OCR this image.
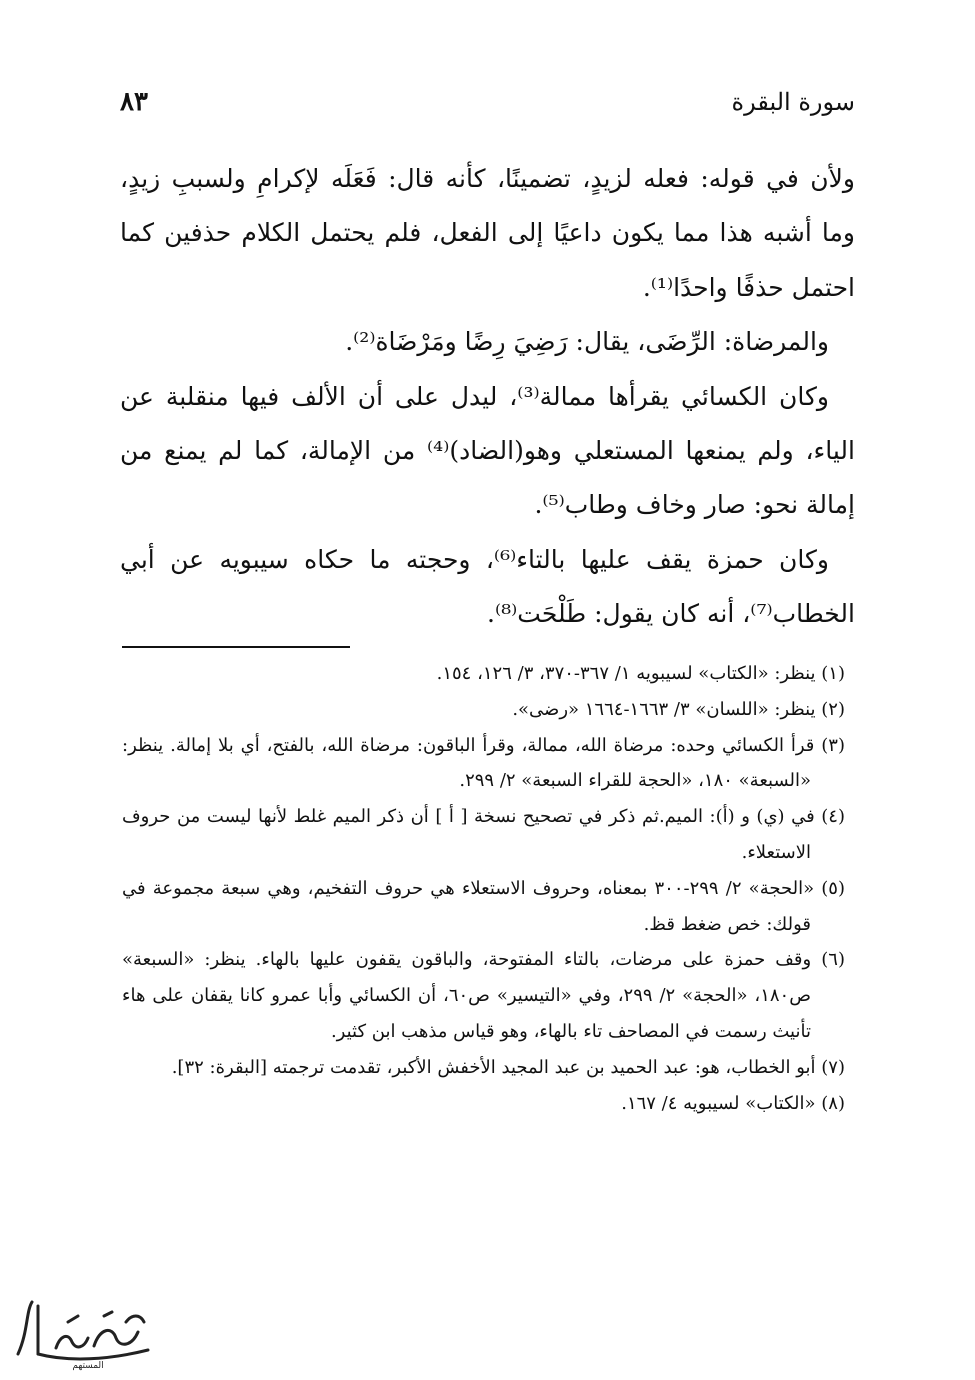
سورة البقرة
٨٣

ولأن في قوله: فعله لزيدٍ، تضمينًا، كأنه قال: فَعَلَه لإكرامِ ولسببِ زيدٍ، وما أشبه هذا مما يكون داعيًا إلى الفعل، فلم يحتمل الكلام حذفين كما احتمل حذفًا واحدًا⁽¹⁾.

والمرضاة: الرِّضَى، يقال: رَضِيَ رِضًا ومَرْضَاة⁽²⁾.

وكان الكسائي يقرأها ممالة⁽³⁾، ليدل على أن الألف فيها منقلبة عن الياء، ولم يمنعها المستعلي وهو(الضاد)⁽⁴⁾ من الإمالة، كما لم يمنع من إمالة نحو: صار وخاف وطاب⁽⁵⁾.

وكان حمزة يقف عليها بالتاء⁽⁶⁾، وحجته ما حكاه سيبويه عن أبي الخطاب⁽⁷⁾، أنه كان يقول: طَلْحَت⁽⁸⁾.

(١) ينظر: «الكتاب» لسيبويه ١/ ٣٦٧-٣٧٠، ٣/ ١٢٦، ١٥٤.
(٢) ينظر: «اللسان» ٣/ ١٦٦٣-١٦٦٤ «رضى».
(٣) قرأ الكسائي وحده: مرضاة الله، ممالة، وقرأ الباقون: مرضاة الله، بالفتح، أي بلا إمالة. ينظر: «السبعة» ١٨٠، «الحجة للقراء السبعة» ٢/ ٢٩٩.
(٤) في (ي) و (أ): الميم.ثم ذكر في تصحيح نسخة [ أ ] أن ذكر الميم غلط لأنها ليست من حروف الاستعلاء.
(٥) «الحجة» ٢/ ٢٩٩-٣٠٠ بمعناه، وحروف الاستعلاء هي حروف التفخيم، وهي سبعة مجموعة في قولك: خص ضغط قظ.
(٦) وقف حمزة على مرضات، بالتاء المفتوحة، والباقون يقفون عليها بالهاء. ينظر: «السبعة» ص١٨٠، «الحجة» ٢/ ٢٩٩، وفي «التيسير» ص٦٠، أن الكسائي وأبا عمرو كانا يقفان على هاء تأنيث رسمت في المصاحف تاء بالهاء، وهو قياس مذهب ابن كثير.
(٧) أبو الخطاب، هو: عبد الحميد بن عبد المجيد الأخفش الأكبر، تقدمت ترجمته [البقرة: ٣٢].
(٨) «الكتاب» لسيبويه ٤/ ١٦٧.
المستهم
